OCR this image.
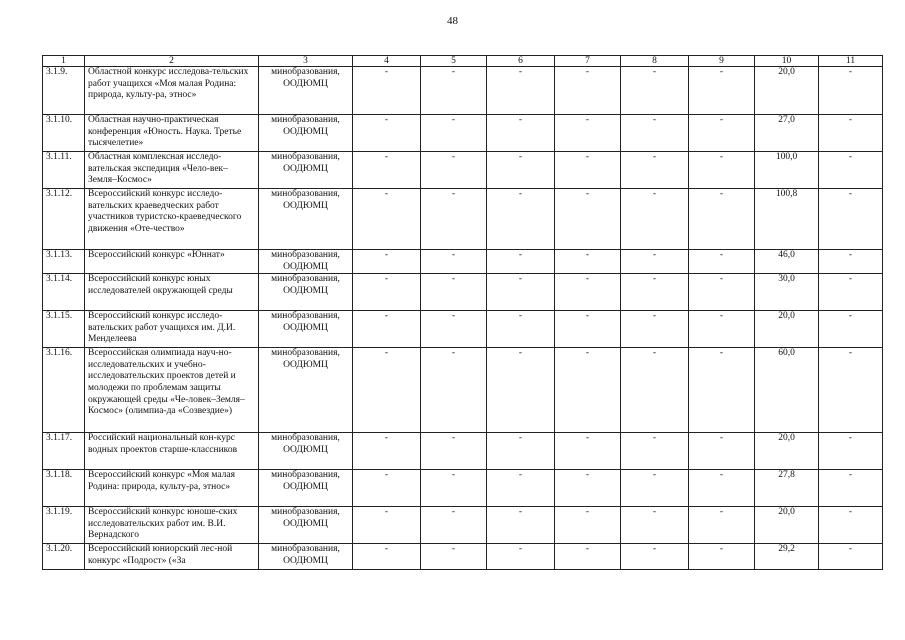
48
1	2	3	4	5	6	7	8	9	10	11
3.1.9.	Областной конкурс исследова-тельских работ учащихся «Моя малая Родина: природа, культу-ра, этнос»	минобразования, ООДЮМЦ	-	-	-	-	-	-	20,0	-
3.1.10.	Областная научно-практическая конференция «Юность. Наука. Третье тысячелетие»	минобразования, ООДЮМЦ	-	-	-	-	-	-	27,0	-
3.1.11.	Областная комплексная исследо-вательская экспедиция «Чело-век–Земля–Космос»	минобразования, ООДЮМЦ	-	-	-	-	-	-	100,0	-
3.1.12.	Всероссийский конкурс исследо-вательских краеведческих работ участников туристско-краеведческого движения «Оте-чество»	минобразования, ООДЮМЦ	-	-	-	-	-	-	100,8	-
3.1.13.	Всероссийский конкурс «Юннат»	минобразования, ООДЮМЦ	-	-	-	-	-	-	46,0	-
3.1.14.	Всероссийский конкурс юных исследователей окружающей среды	минобразования, ООДЮМЦ	-	-	-	-	-	-	30,0	-
3.1.15.	Всероссийский конкурс исследо-вательских работ учащихся им. Д.И. Менделеева	минобразования, ООДЮМЦ	-	-	-	-	-	-	20,0	-
3.1.16.	Всероссийская олимпиада науч-но-исследовательских и учебно-исследовательских проектов детей и молодежи по проблемам защиты окружающей среды «Че-ловек–Земля–Космос» (олимпиа-да «Созвездие»)	минобразования, ООДЮМЦ	-	-	-	-	-	-	60,0	-
3.1.17.	Российский национальный кон-курс водных проектов старше-классников	минобразования, ООДЮМЦ	-	-	-	-	-	-	20,0	-
3.1.18.	Всероссийский конкурс «Моя малая Родина: природа, культу-ра, этнос»	минобразования, ООДЮМЦ	-	-	-	-	-	-	27,8	-
3.1.19.	Всероссийский конкурс юноше-ских исследовательских работ им. В.И. Вернадского	минобразования, ООДЮМЦ	-	-	-	-	-	-	20,0	-
3.1.20.	Всероссийский юниорский лес-ной конкурс «Подрост» («За	минобразования, ООДЮМЦ	-	-	-	-	-	-	29,2	-
